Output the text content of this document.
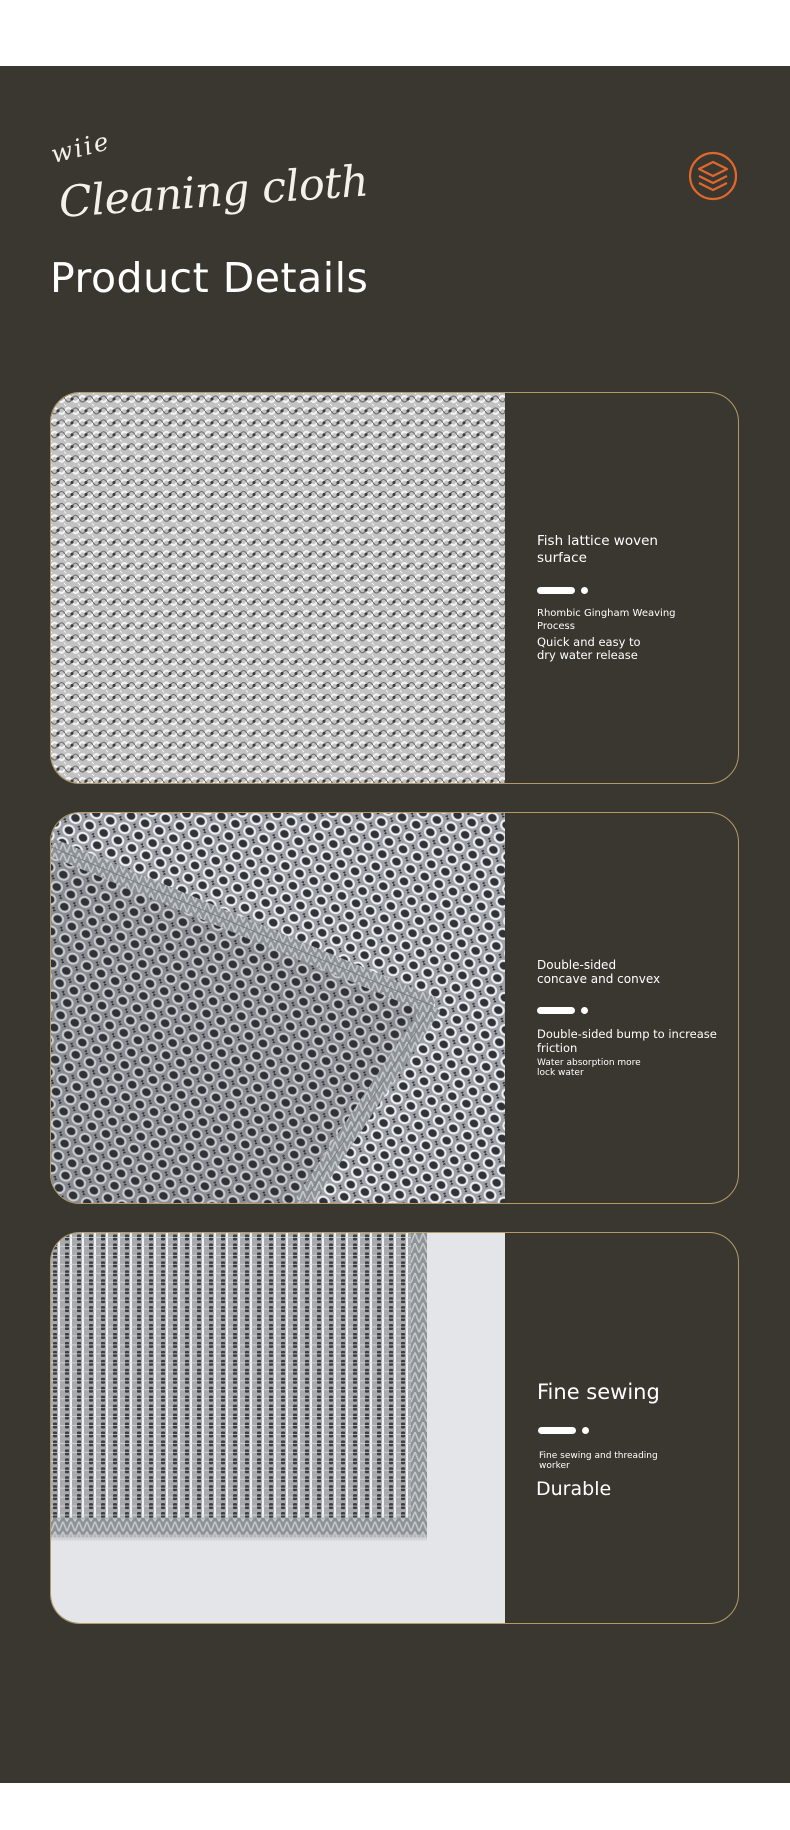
wiie
Cleaning cloth
Product Details
Fish lattice woven
surface
Rhombic Gingham Weaving
Process
Quick and easy to
dry water release
Double-sided
concave and convex
Double-sided bump to increase
friction
Water absorption more
lock water
Fine sewing
Fine sewing and threading
worker
Durable
